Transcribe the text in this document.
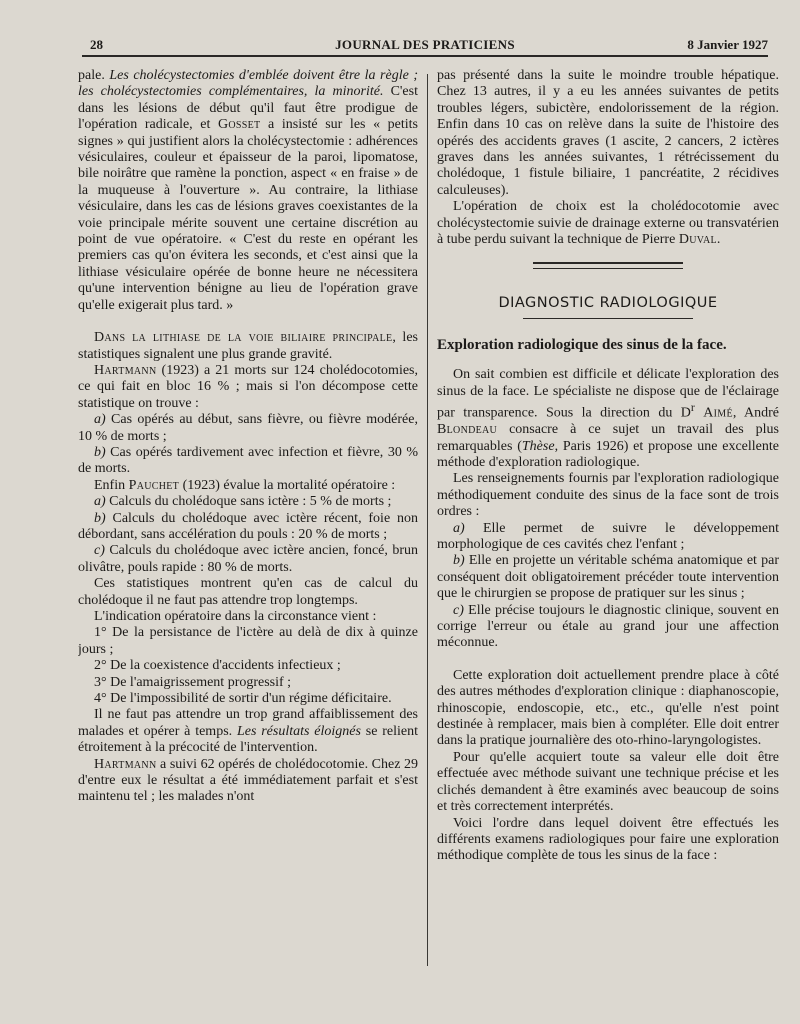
28	JOURNAL DES PRATICIENS	8 Janvier 1927

pale. Les cholécystectomies d'emblée doivent être la règle ; les cholécystectomies complémentaires, la minorité. C'est dans les lésions de début qu'il faut être prodigue de l'opération radicale, et Gosset a insisté sur les « petits signes » qui justifient alors la cholécystectomie : adhérences vésiculaires, couleur et épaisseur de la paroi, lipomatose, bile noirâtre que ramène la ponction, aspect « en fraise » de la muqueuse à l'ouverture ». Au contraire, la lithiase vésiculaire, dans les cas de lésions graves coexistantes de la voie principale mérite souvent une certaine discrétion au point de vue opératoire. « C'est du reste en opérant les premiers cas qu'on évitera les seconds, et c'est ainsi que la lithiase vésiculaire opérée de bonne heure ne nécessitera qu'une intervention bénigne au lieu de l'opération grave qu'elle exigerait plus tard. »

Dans la lithiase de la voie biliaire principale, les statistiques signalent une plus grande gravité.

Hartmann (1923) a 21 morts sur 124 cholédocotomies, ce qui fait en bloc 16 % ; mais si l'on décompose cette statistique on trouve :

a) Cas opérés au début, sans fièvre, ou fièvre modérée, 10 % de morts ;

b) Cas opérés tardivement avec infection et fièvre, 30 % de morts.

Enfin Pauchet (1923) évalue la mortalité opératoire :

a) Calculs du cholédoque sans ictère : 5 % de morts ;

b) Calculs du cholédoque avec ictère récent, foie non débordant, sans accélération du pouls : 20 % de morts ;

c) Calculs du cholédoque avec ictère ancien, foncé, brun olivâtre, pouls rapide : 80 % de morts.

Ces statistiques montrent qu'en cas de calcul du cholédoque il ne faut pas attendre trop longtemps.

L'indication opératoire dans la circonstance vient :

1° De la persistance de l'ictère au delà de dix à quinze jours ;

2° De la coexistence d'accidents infectieux ;

3° De l'amaigrissement progressif ;

4° De l'impossibilité de sortir d'un régime déficitaire.

Il ne faut pas attendre un trop grand affaiblissement des malades et opérer à temps. Les résultats éloignés se relient étroitement à la précocité de l'intervention.

Hartmann a suivi 62 opérés de cholédocotomie. Chez 29 d'entre eux le résultat a été immédiatement parfait et s'est maintenu tel ; les malades n'ont

pas présenté dans la suite le moindre trouble hépatique. Chez 13 autres, il y a eu les années suivantes de petits troubles légers, subictère, endolorissement de la région. Enfin dans 10 cas on relève dans la suite de l'histoire des opérés des accidents graves (1 ascite, 2 cancers, 2 ictères graves dans les années suivantes, 1 rétrécissement du cholédoque, 1 fistule biliaire, 1 pancréatite, 2 récidives calculeuses).

L'opération de choix est la cholédocotomie avec cholécystectomie suivie de drainage externe ou transvatérien à tube perdu suivant la technique de Pierre Duval.

DIAGNOSTIC RADIOLOGIQUE
Exploration radiologique des sinus de la face.

On sait combien est difficile et délicate l'exploration des sinus de la face. Le spécialiste ne dispose que de l'éclairage par transparence. Sous la direction du $D^r$ Aimé, André Blondeau consacre à ce sujet un travail des plus remarquables (Thèse, Paris 1926) et propose une excellente méthode d'exploration radiologique.

Les renseignements fournis par l'exploration radiologique méthodiquement conduite des sinus de la face sont de trois ordres :

a) Elle permet de suivre le développement morphologique de ces cavités chez l'enfant ;

b) Elle en projette un véritable schéma anatomique et par conséquent doit obligatoirement précéder toute intervention que le chirurgien se propose de pratiquer sur les sinus ;

c) Elle précise toujours le diagnostic clinique, souvent en corrige l'erreur ou étale au grand jour une affection méconnue.

Cette exploration doit actuellement prendre place à côté des autres méthodes d'exploration clinique : diaphanoscopie, rhinoscopie, endoscopie, etc., etc., qu'elle n'est point destinée à remplacer, mais bien à compléter. Elle doit entrer dans la pratique journalière des oto-rhino-laryngologistes.

Pour qu'elle acquiert toute sa valeur elle doit être effectuée avec méthode suivant une technique précise et les clichés demandent à être examinés avec beaucoup de soins et très correctement interprétés.

Voici l'ordre dans lequel doivent être effectués les différents examens radiologiques pour faire une exploration méthodique complète de tous les sinus de la face :
